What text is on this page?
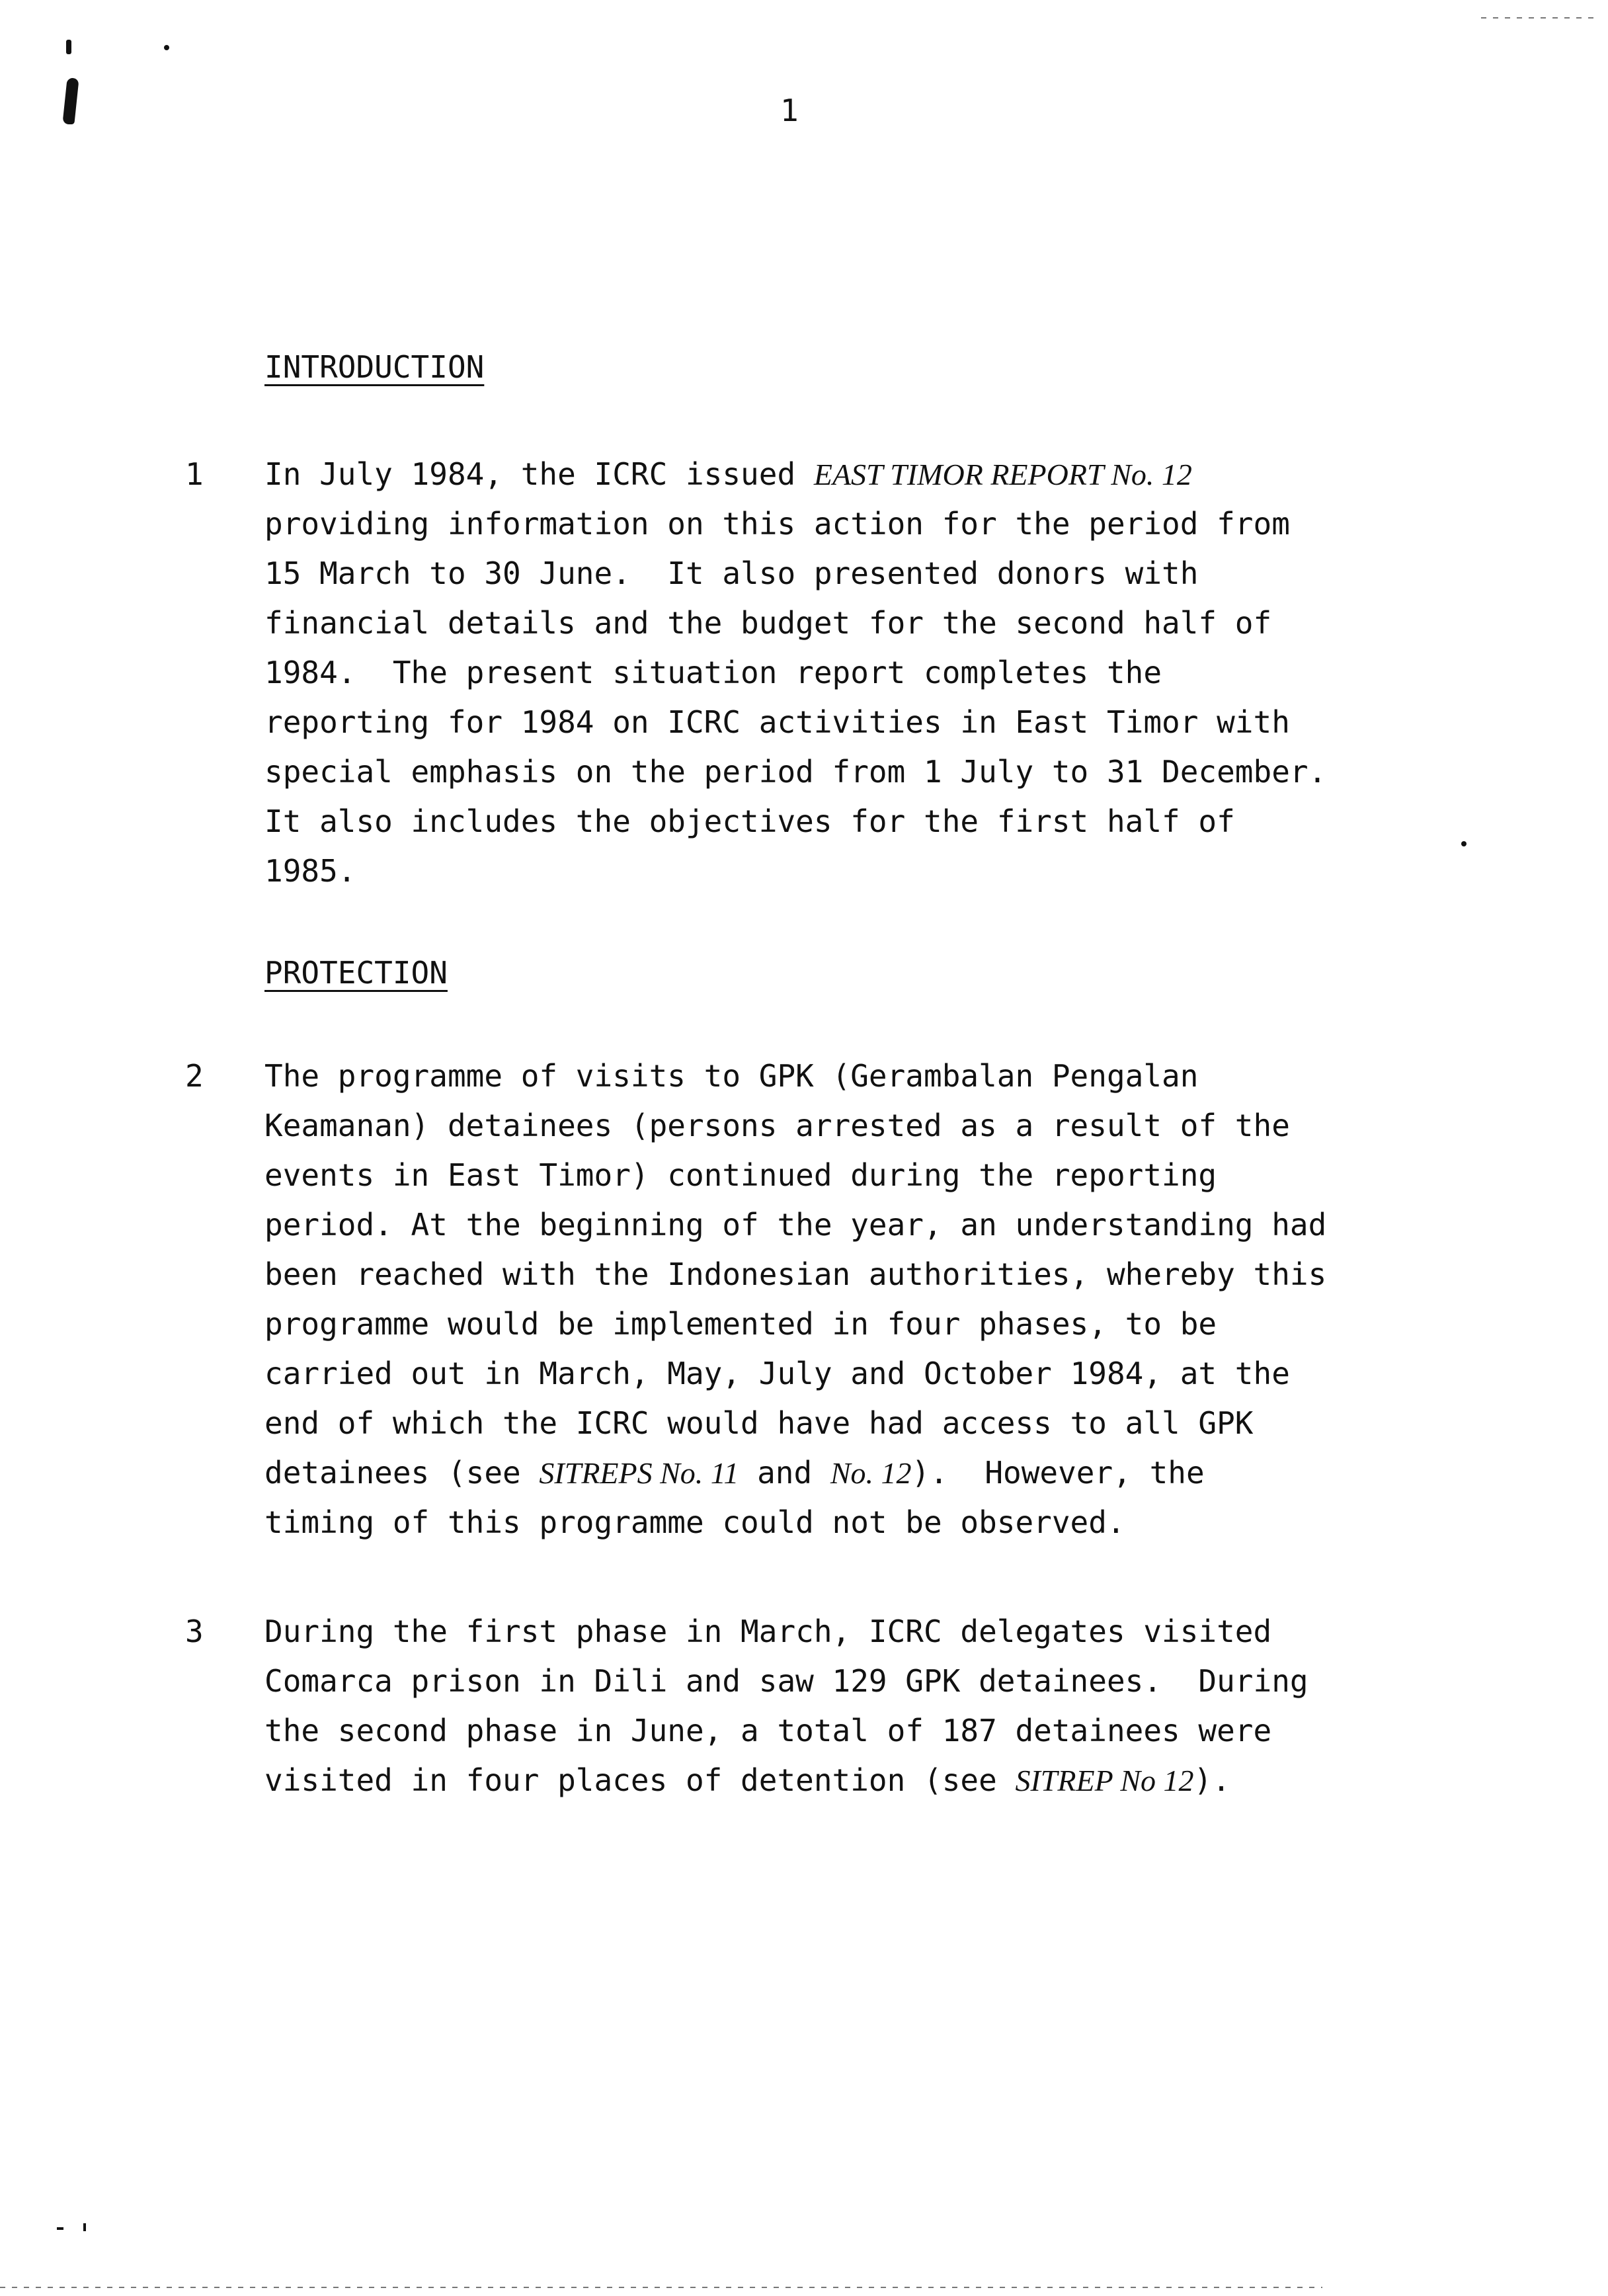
1
INTRODUCTION
1 In July 1984, the ICRC issued EAST TIMOR REPORT No. 12
providing information on this action for the period from
15 March to 30 June.  It also presented donors with
financial details and the budget for the second half of
1984.  The present situation report completes the
reporting for 1984 on ICRC activities in East Timor with
special emphasis on the period from 1 July to 31 December.
It also includes the objectives for the first half of
1985.
PROTECTION
2 The programme of visits to GPK (Gerambalan Pengalan
Keamanan) detainees (persons arrested as a result of the
events in East Timor) continued during the reporting
period. At the beginning of the year, an understanding had
been reached with the Indonesian authorities, whereby this
programme would be implemented in four phases, to be
carried out in March, May, July and October 1984, at the
end of which the ICRC would have had access to all GPK
detainees (see SITREPS No. 11 and No. 12).  However, the
timing of this programme could not be observed.
3 During the first phase in March, ICRC delegates visited
Comarca prison in Dili and saw 129 GPK detainees.  During
the second phase in June, a total of 187 detainees were
visited in four places of detention (see SITREP No 12).
